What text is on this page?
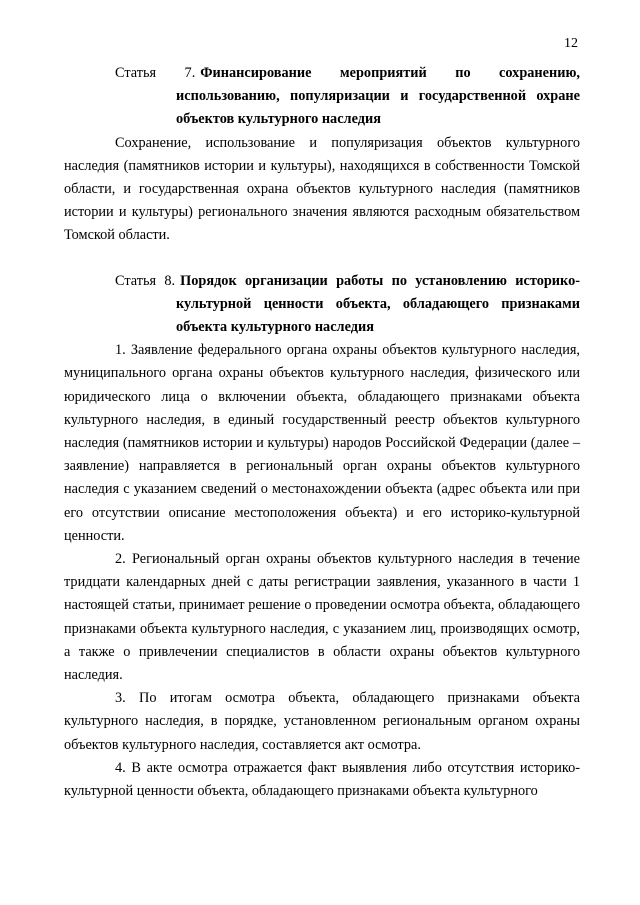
12

Статья 7. Финансирование мероприятий по сохранению, использованию, популяризации и государственной охране объектов культурного наследия

Сохранение, использование и популяризация объектов культурного наследия (памятников истории и культуры), находящихся в собственности Томской области, и государственная охрана объектов культурного наследия (памятников истории и культуры) регионального значения являются расходным обязательством Томской области.

Статья 8. Порядок организации работы по установлению историко-культурной ценности объекта, обладающего признаками объекта культурного наследия

1. Заявление федерального органа охраны объектов культурного наследия, муниципального органа охраны объектов культурного наследия, физического или юридического лица о включении объекта, обладающего признаками объекта культурного наследия, в единый государственный реестр объектов культурного наследия (памятников истории и культуры) народов Российской Федерации (далее – заявление) направляется в региональный орган охраны объектов культурного наследия с указанием сведений о местонахождении объекта (адрес объекта или при его отсутствии описание местоположения объекта) и его историко-культурной ценности.

2. Региональный орган охраны объектов культурного наследия в течение тридцати календарных дней с даты регистрации заявления, указанного в части 1 настоящей статьи, принимает решение о проведении осмотра объекта, обладающего признаками объекта культурного наследия, с указанием лиц, производящих осмотр, а также о привлечении специалистов в области охраны объектов культурного наследия.

3. По итогам осмотра объекта, обладающего признаками объекта культурного наследия, в порядке, установленном региональным органом охраны объектов культурного наследия, составляется акт осмотра.

4. В акте осмотра отражается факт выявления либо отсутствия историко-культурной ценности объекта, обладающего признаками объекта культурного
